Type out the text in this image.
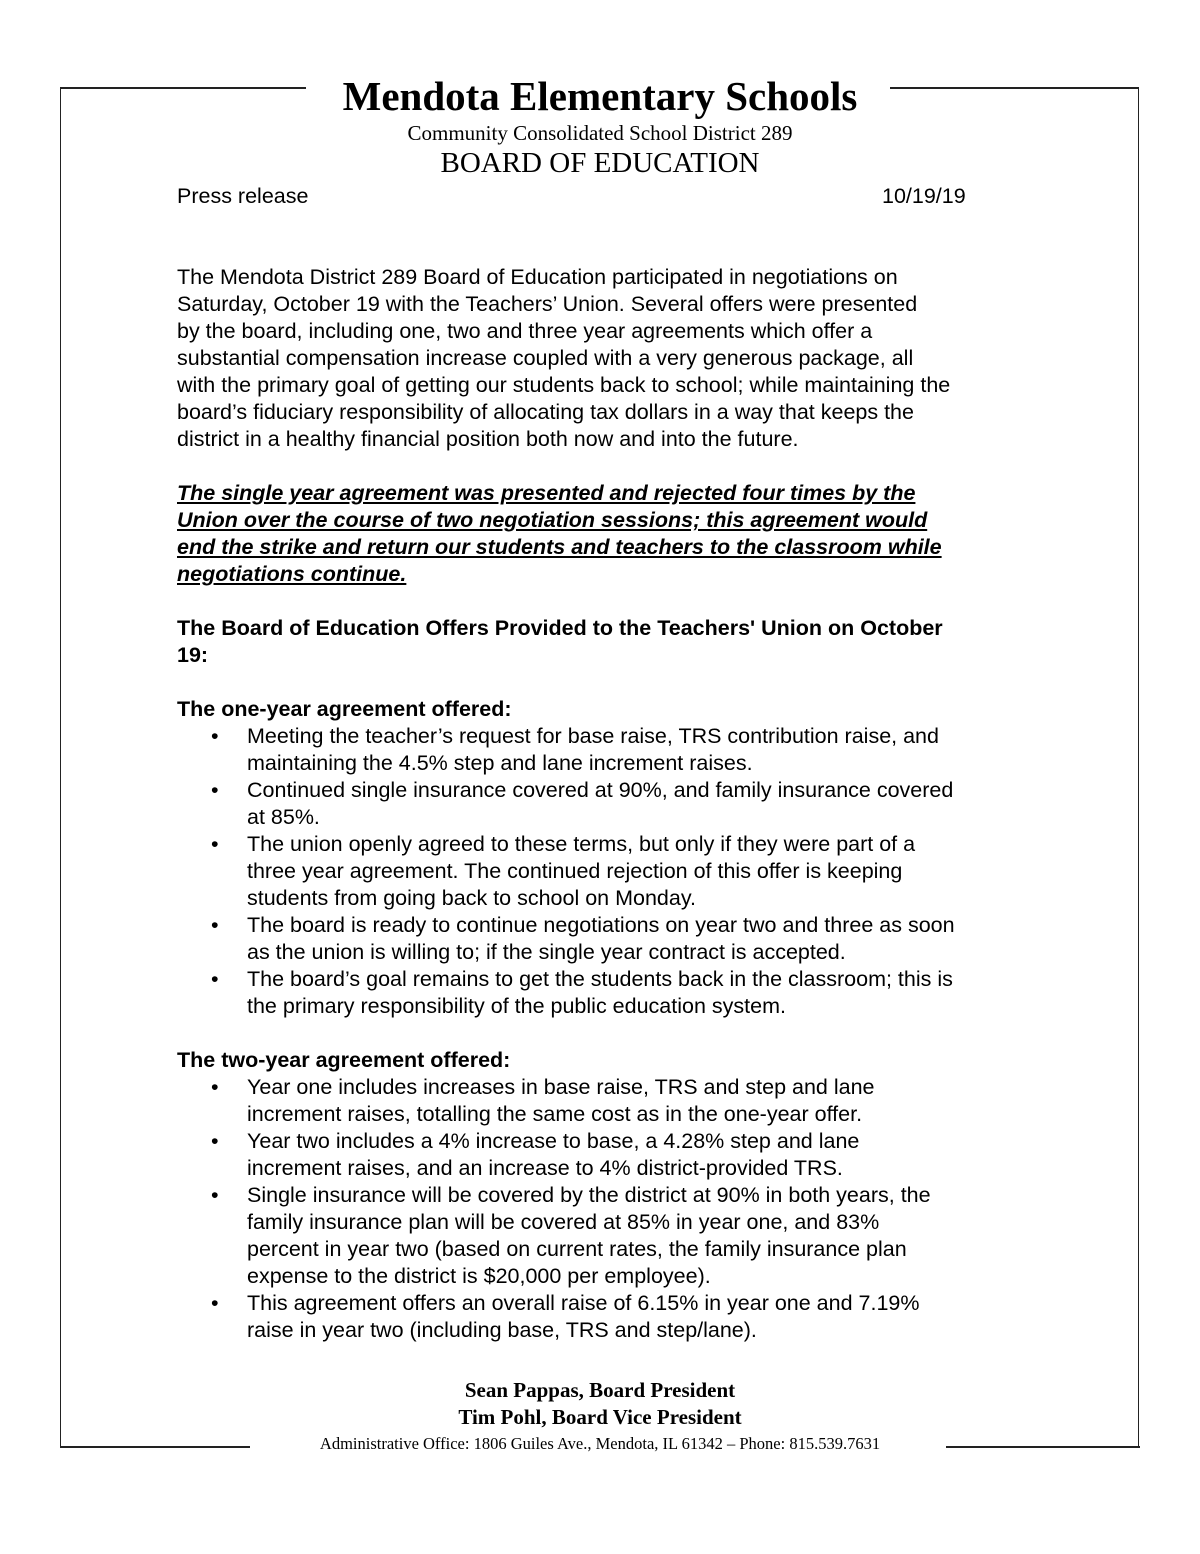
Mendota Elementary Schools
Community Consolidated School District 289
BOARD OF EDUCATION
Press release	10/19/19
The Mendota District 289 Board of Education participated in negotiations on
Saturday, October 19 with the Teachers’ Union. Several offers were presented
by the board, including one, two and three year agreements which offer a
substantial compensation increase coupled with a very generous package, all
with the primary goal of getting our students back to school; while maintaining the
board’s fiduciary responsibility of allocating tax dollars in a way that keeps the
district in a healthy financial position both now and into the future.
The single year agreement was presented and rejected four times by the
Union over the course of two negotiation sessions; this agreement would
end the strike and return our students and teachers to the classroom while
negotiations continue.
The Board of Education Offers Provided to the Teachers' Union on October
19:
The one-year agreement offered:
• Meeting the teacher’s request for base raise, TRS contribution raise, and
maintaining the 4.5% step and lane increment raises.
• Continued single insurance covered at 90%, and family insurance covered
at 85%.
• The union openly agreed to these terms, but only if they were part of a
three year agreement. The continued rejection of this offer is keeping
students from going back to school on Monday.
• The board is ready to continue negotiations on year two and three as soon
as the union is willing to; if the single year contract is accepted.
• The board’s goal remains to get the students back in the classroom; this is
the primary responsibility of the public education system.
The two-year agreement offered:
• Year one includes increases in base raise, TRS and step and lane
increment raises, totalling the same cost as in the one-year offer.
• Year two includes a 4% increase to base, a 4.28% step and lane
increment raises, and an increase to 4% district-provided TRS.
• Single insurance will be covered by the district at 90% in both years, the
family insurance plan will be covered at 85% in year one, and 83%
percent in year two (based on current rates, the family insurance plan
expense to the district is $20,000 per employee).
• This agreement offers an overall raise of 6.15% in year one and 7.19%
raise in year two (including base, TRS and step/lane).
Sean Pappas, Board President
Tim Pohl, Board Vice President
Administrative Office: 1806 Guiles Ave., Mendota, IL 61342 – Phone: 815.539.7631
